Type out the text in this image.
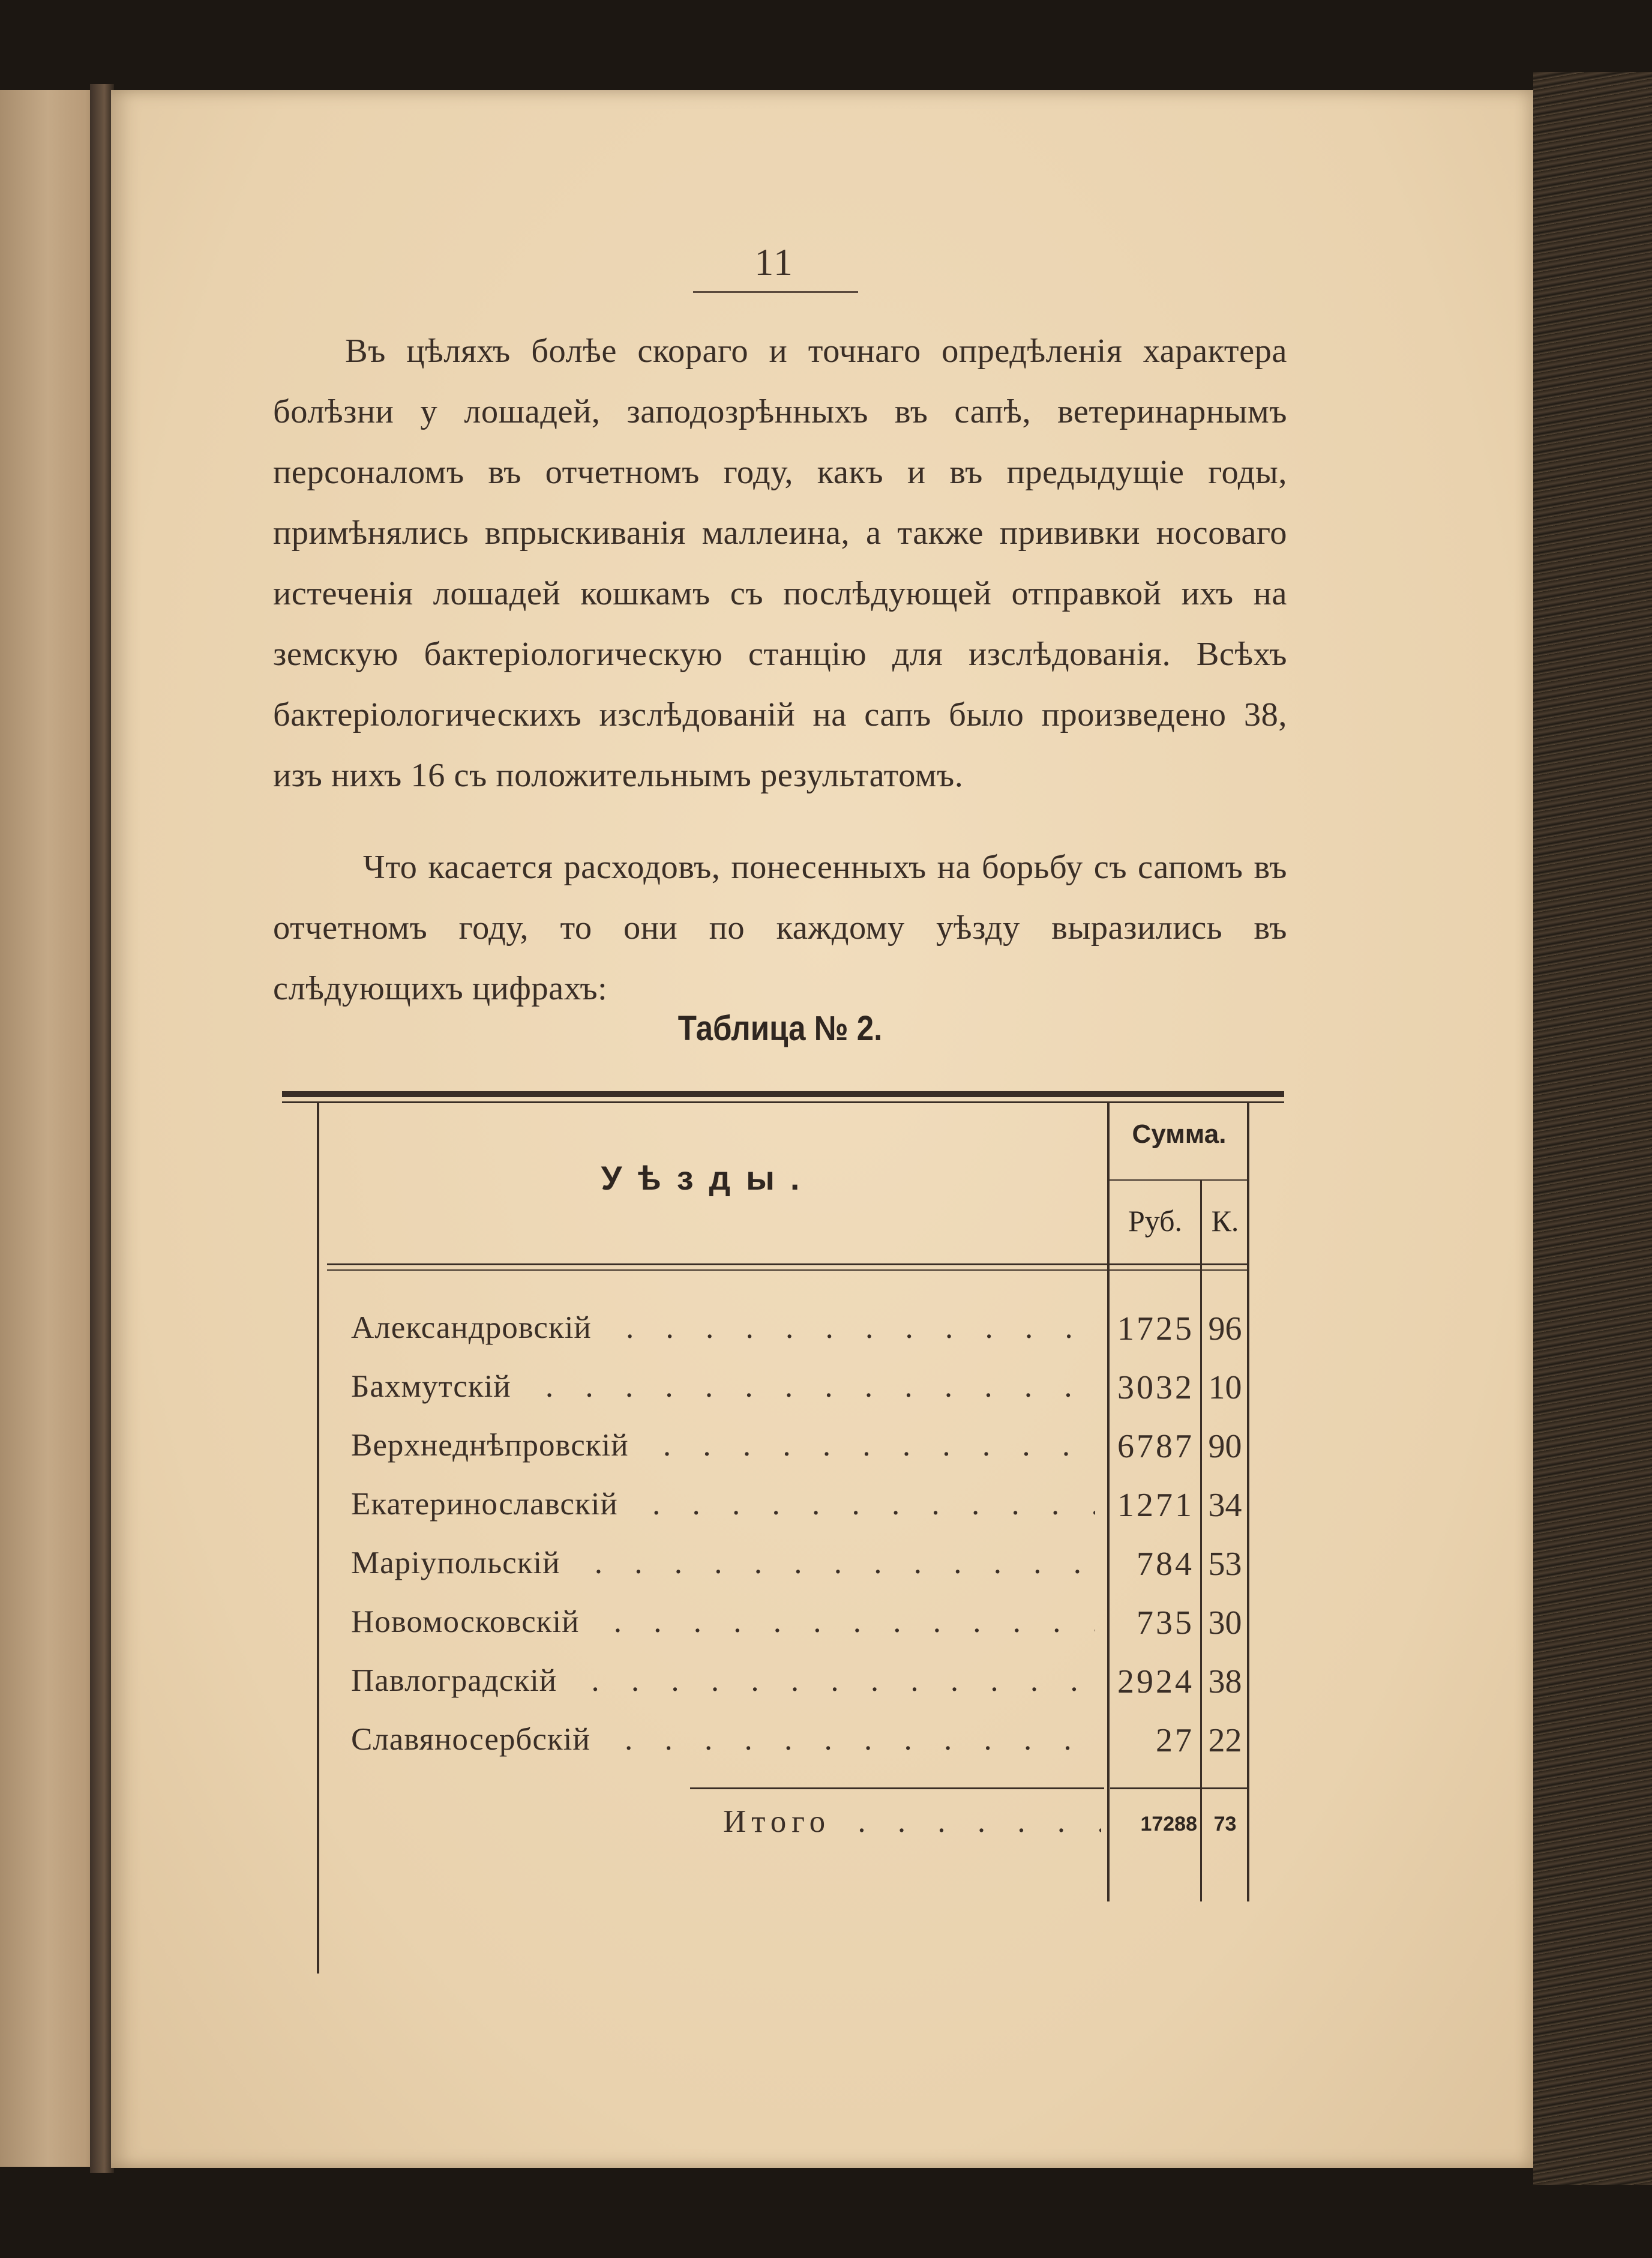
11

Въ цѣляхъ болѣе скораго и точнаго опредѣленія характера болѣзни у лошадей, заподозрѣнныхъ въ сапѣ, ветеринарнымъ персоналомъ въ отчетномъ году, какъ и въ предыдущіе годы, примѣнялись впрыскиванія маллеина, а также прививки носоваго истеченія лошадей кошкамъ съ послѣдующей отправкой ихъ на земскую бактеріологическую станцію для изслѣдованія. Всѣхъ бактеріологическихъ изслѣдованій на сапъ было произведено 38, изъ нихъ 16 съ положительнымъ результатомъ.

Что касается расходовъ, понесенныхъ на борьбу съ сапомъ въ отчетномъ году, то они по каждому уѣзду выразились въ слѣдующихъ цифрахъ:

Таблица № 2.
Уѣзды.
Сумма.
Руб. К.
Александровскій . . .	1725 96
Бахмутскій . . .	3032 10
Верхнеднѣпровскій . . .	6787 90
Екатеринославскій . . .	1271 34
Маріупольскій . . .	784 53
Новомосковскій . . .	735 30
Павлоградскій . . .	2924 38
Славяносербскій . . .	27 22
Итого . . .	17288 73
